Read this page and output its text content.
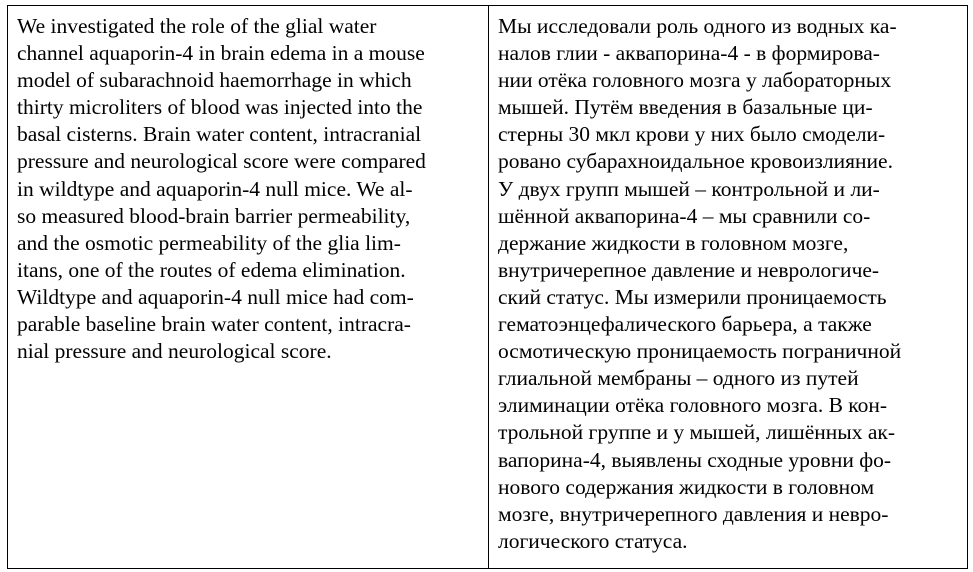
We investigated the role of the glial water
channel aquaporin-4 in brain edema in a mouse
model of subarachnoid haemorrhage in which
thirty microliters of blood was injected into the
basal cisterns. Brain water content, intracranial
pressure and neurological score were compared
in wildtype and aquaporin-4 null mice. We al-
so measured blood-brain barrier permeability,
and the osmotic permeability of the glia lim-
itans, one of the routes of edema elimination.
Wildtype and aquaporin-4 null mice had com-
parable baseline brain water content, intracra-
nial pressure and neurological score.
Мы исследовали роль одного из водных ка-
налов глии - аквапорина-4 - в формирова-
нии отёка головного мозга у лабораторных
мышей. Путём введения в базальные ци-
стерны 30 мкл крови у них было смодели-
ровано субарахноидальное кровоизлияние.
У двух групп мышей – контрольной и ли-
шённой аквапорина-4 – мы сравнили со-
держание жидкости в головном мозге,
внутричерепное давление и неврологиче-
ский статус. Мы измерили проницаемость
гематоэнцефалического барьера, а также
осмотическую проницаемость пограничной
глиальной мембраны – одного из путей
элиминации отёка головного мозга. В кон-
трольной группе и у мышей, лишённых ак-
вапорина-4, выявлены сходные уровни фо-
нового содержания жидкости в головном
мозге, внутричерепного давления и невро-
логического статуса.
